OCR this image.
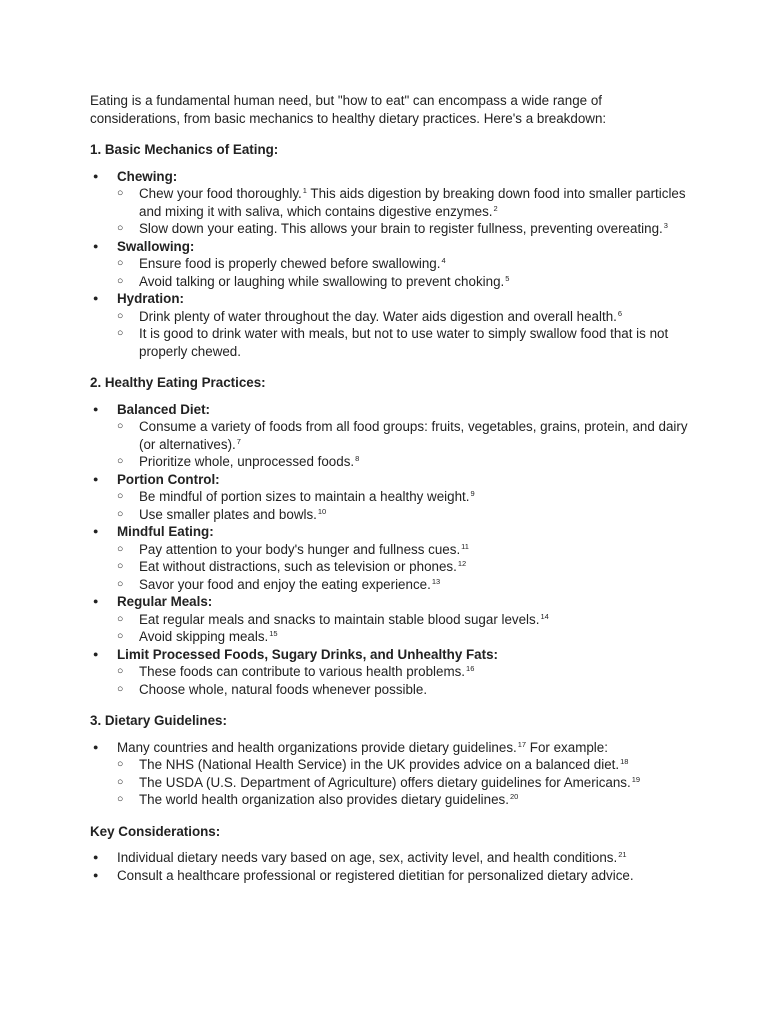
Eating is a fundamental human need, but "how to eat" can encompass a wide range of considerations, from basic mechanics to healthy dietary practices. Here's a breakdown:

1. Basic Mechanics of Eating:

● Chewing:
○ Chew your food thoroughly.$^1$ This aids digestion by breaking down food into smaller particles and mixing it with saliva, which contains digestive enzymes.$^2$
○ Slow down your eating. This allows your brain to register fullness, preventing overeating.$^3$
● Swallowing:
○ Ensure food is properly chewed before swallowing.$^4$
○ Avoid talking or laughing while swallowing to prevent choking.$^5$
● Hydration:
○ Drink plenty of water throughout the day. Water aids digestion and overall health.$^6$
○ It is good to drink water with meals, but not to use water to simply swallow food that is not properly chewed.

2. Healthy Eating Practices:

● Balanced Diet:
○ Consume a variety of foods from all food groups: fruits, vegetables, grains, protein, and dairy (or alternatives).$^7$
○ Prioritize whole, unprocessed foods.$^8$
● Portion Control:
○ Be mindful of portion sizes to maintain a healthy weight.$^9$
○ Use smaller plates and bowls.$^{10}$
● Mindful Eating:
○ Pay attention to your body's hunger and fullness cues.$^{11}$
○ Eat without distractions, such as television or phones.$^{12}$
○ Savor your food and enjoy the eating experience.$^{13}$
● Regular Meals:
○ Eat regular meals and snacks to maintain stable blood sugar levels.$^{14}$
○ Avoid skipping meals.$^{15}$
● Limit Processed Foods, Sugary Drinks, and Unhealthy Fats:
○ These foods can contribute to various health problems.$^{16}$
○ Choose whole, natural foods whenever possible.

3. Dietary Guidelines:

● Many countries and health organizations provide dietary guidelines.$^{17}$ For example:
○ The NHS (National Health Service) in the UK provides advice on a balanced diet.$^{18}$
○ The USDA (U.S. Department of Agriculture) offers dietary guidelines for Americans.$^{19}$
○ The world health organization also provides dietary guidelines.$^{20}$

Key Considerations:

● Individual dietary needs vary based on age, sex, activity level, and health conditions.$^{21}$
● Consult a healthcare professional or registered dietitian for personalized dietary advice.
